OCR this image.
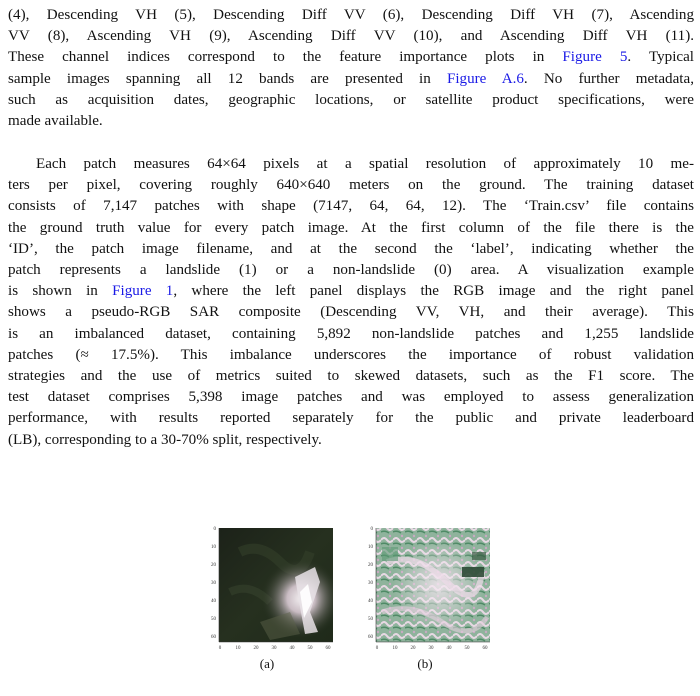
(4), Descending VH (5), Descending Diff VV (6), Descending Diff VH (7), Ascending
VV (8), Ascending VH (9), Ascending Diff VV (10), and Ascending Diff VH (11).
These channel indices correspond to the feature importance plots in Figure 5. Typical
sample images spanning all 12 bands are presented in Figure A.6. No further metadata,
such as acquisition dates, geographic locations, or satellite product specifications, were
made available.

Each patch measures 64×64 pixels at a spatial resolution of approximately 10 me-
ters per pixel, covering roughly 640×640 meters on the ground. The training dataset
consists of 7,147 patches with shape (7147, 64, 64, 12). The ‘Train.csv’ file contains
the ground truth value for every patch image. At the first column of the file there is the
‘ID’, the patch image filename, and at the second the ‘label’, indicating whether the
patch represents a landslide (1) or a non-landslide (0) area. A visualization example
is shown in Figure 1, where the left panel displays the RGB image and the right panel
shows a pseudo-RGB SAR composite (Descending VV, VH, and their average). This
is an imbalanced dataset, containing 5,892 non-landslide patches and 1,255 landslide
patches (≈ 17.5%). This imbalance underscores the importance of robust validation
strategies and the use of metrics suited to skewed datasets, such as the F1 score. The
test dataset comprises 5,398 image patches and was employed to assess generalization
performance, with results reported separately for the public and private leaderboard
(LB), corresponding to a 30-70% split, respectively.

0
10
20
30
40
50
60
0	10	20	30	40	50	60
0
10
20
30
40
50
60
0	10	20	30	40	50	60
(a)	(b)
